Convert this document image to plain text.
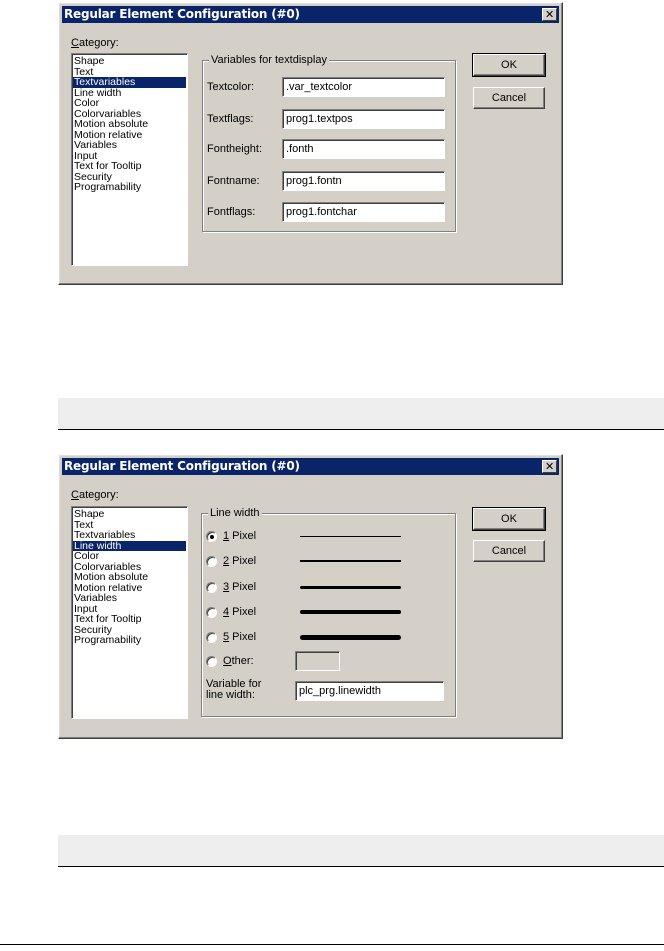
Regular Element Configuration (#0)	✕
Category:
Shape
Text
Textvariables
Line width
Color
Colorvariables
Motion absolute
Motion relative
Variables
Input
Text for Tooltip
Security
Programability
Variables for textdisplay
Textcolor:	.var_textcolor
Textflags:	prog1.textpos
Fontheight:	.fonth
Fontname:	prog1.fontn
Fontflags:	prog1.fontchar
OK
Cancel
Regular Element Configuration (#0)	✕
Category:
Shape
Text
Textvariables
Line width
Color
Colorvariables
Motion absolute
Motion relative
Variables
Input
Text for Tooltip
Security
Programability
Line width
1 Pixel
2 Pixel
3 Pixel
4 Pixel
5 Pixel
Other:
Variable for
line width:	plc_prg.linewidth
OK
Cancel
